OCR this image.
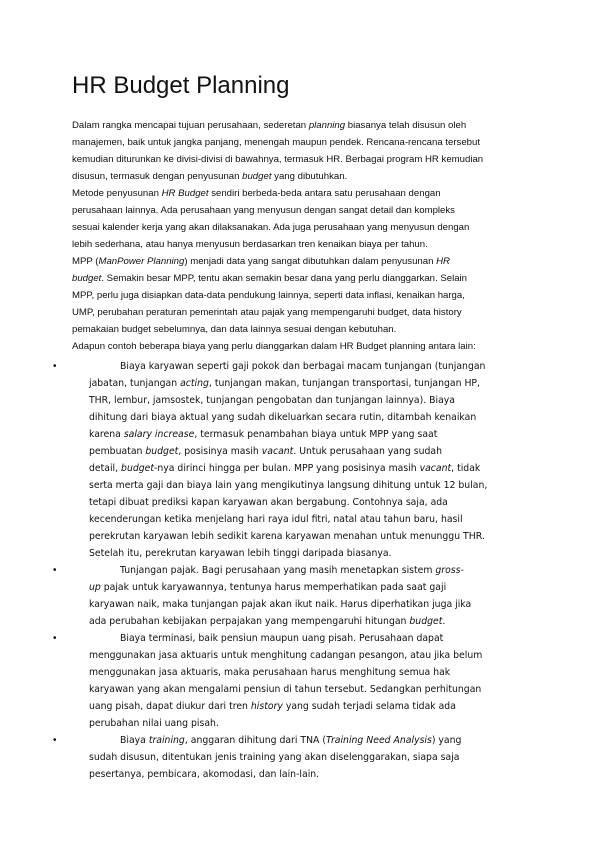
HR Budget Planning
Dalam rangka mencapai tujuan perusahaan, sederetan planning biasanya telah disusun oleh
manajemen, baik untuk jangka panjang, menengah maupun pendek. Rencana-rencana tersebut
kemudian diturunkan ke divisi-divisi di bawahnya, termasuk HR. Berbagai program HR kemudian
disusun, termasuk dengan penyusunan budget yang dibutuhkan.
Metode penyusunan HR Budget sendiri berbeda-beda antara satu perusahaan dengan
perusahaan lainnya. Ada perusahaan yang menyusun dengan sangat detail dan kompleks
sesuai kalender kerja yang akan dilaksanakan. Ada juga perusahaan yang menyusun dengan
lebih sederhana, atau hanya menyusun berdasarkan tren kenaikan biaya per tahun.
MPP (ManPower Planning) menjadi data yang sangat dibutuhkan dalam penyusunan HR
budget. Semakin besar MPP, tentu akan semakin besar dana yang perlu dianggarkan. Selain
MPP, perlu juga disiapkan data-data pendukung lainnya, seperti data inflasi, kenaikan harga,
UMP, perubahan peraturan pemerintah atau pajak yang mempengaruhi budget, data history
pemakaian budget sebelumnya, dan data lainnya sesuai dengan kebutuhan.
Adapun contoh beberapa biaya yang perlu dianggarkan dalam HR Budget planning antara lain:
•	Biaya karyawan seperti gaji pokok dan berbagai macam tunjangan (tunjangan
jabatan, tunjangan acting, tunjangan makan, tunjangan transportasi, tunjangan HP,
THR, lembur, jamsostek, tunjangan pengobatan dan tunjangan lainnya). Biaya
dihitung dari biaya aktual yang sudah dikeluarkan secara rutin, ditambah kenaikan
karena salary increase, termasuk penambahan biaya untuk MPP yang saat
pembuatan budget, posisinya masih vacant. Untuk perusahaan yang sudah
detail, budget-nya dirinci hingga per bulan. MPP yang posisinya masih vacant, tidak
serta merta gaji dan biaya lain yang mengikutinya langsung dihitung untuk 12 bulan,
tetapi dibuat prediksi kapan karyawan akan bergabung. Contohnya saja, ada
kecenderungan ketika menjelang hari raya idul fitri, natal atau tahun baru, hasil
perekrutan karyawan lebih sedikit karena karyawan menahan untuk menunggu THR.
Setelah itu, perekrutan karyawan lebih tinggi daripada biasanya.
•	Tunjangan pajak. Bagi perusahaan yang masih menetapkan sistem gross-
up pajak untuk karyawannya, tentunya harus memperhatikan pada saat gaji
karyawan naik, maka tunjangan pajak akan ikut naik. Harus diperhatikan juga jika
ada perubahan kebijakan perpajakan yang mempengaruhi hitungan budget.
•	Biaya terminasi, baik pensiun maupun uang pisah. Perusahaan dapat
menggunakan jasa aktuaris untuk menghitung cadangan pesangon, atau jika belum
menggunakan jasa aktuaris, maka perusahaan harus menghitung semua hak
karyawan yang akan mengalami pensiun di tahun tersebut. Sedangkan perhitungan
uang pisah, dapat diukur dari tren history yang sudah terjadi selama tidak ada
perubahan nilai uang pisah.
•	Biaya training, anggaran dihitung dari TNA (Training Need Analysis) yang
sudah disusun, ditentukan jenis training yang akan diselenggarakan, siapa saja
pesertanya, pembicara, akomodasi, dan lain-lain.
